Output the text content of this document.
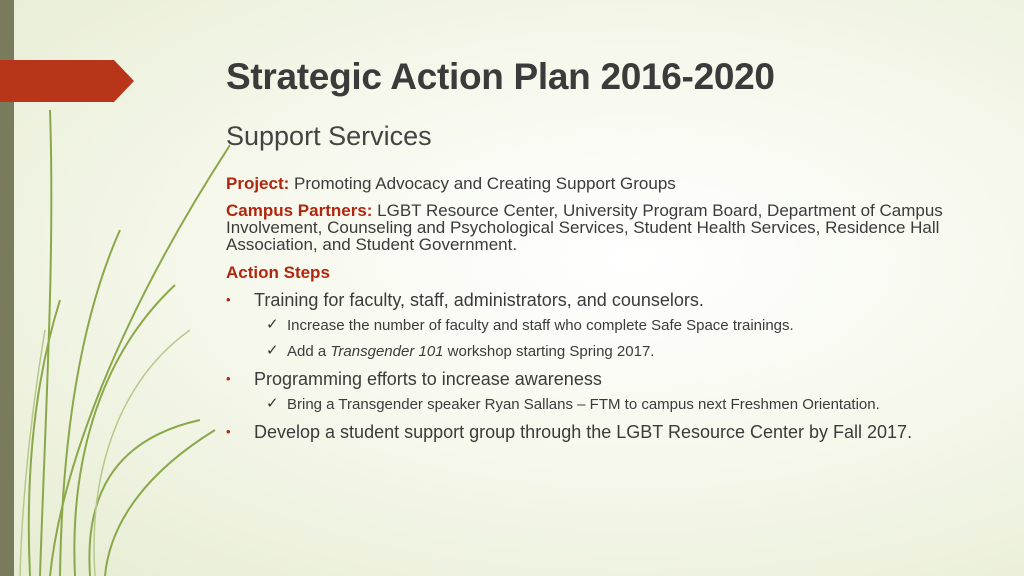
Strategic Action Plan 2016-2020
Support Services
Project: Promoting Advocacy and Creating Support Groups
Campus Partners: LGBT Resource Center, University Program Board, Department of Campus Involvement, Counseling and Psychological Services, Student Health Services, Residence Hall Association, and Student Government.
Action Steps
• Training for faculty, staff, administrators, and counselors.
✓ Increase the number of faculty and staff who complete Safe Space trainings.
✓ Add a Transgender 101 workshop starting Spring 2017.
• Programming efforts to increase awareness
✓ Bring a Transgender speaker Ryan Sallans – FTM to campus next Freshmen Orientation.
• Develop a student support group through the LGBT Resource Center by Fall 2017.
